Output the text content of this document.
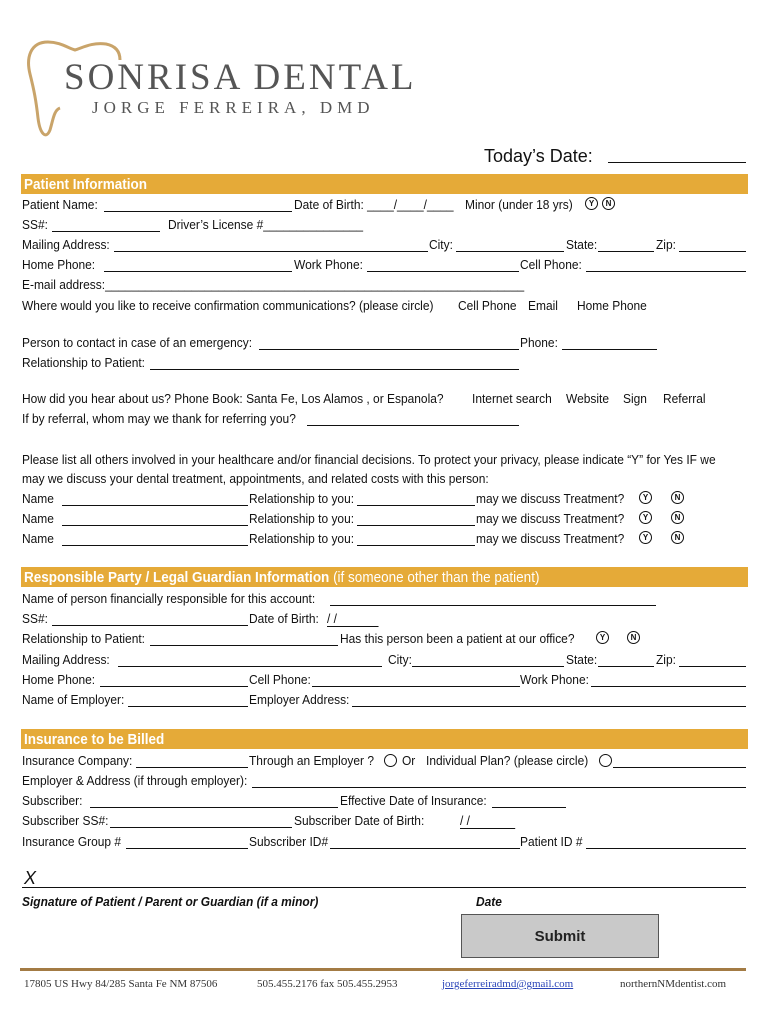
SONRISA DENTAL
JORGE FERREIRA, DMD
Today’s Date:
Patient Information
Patient Name:	Date of Birth: ____/____/____ Minor (under 18 yrs)	Y	N
SS#:	Driver’s License #_______________
Mailing Address:	City:	State:	Zip:
Home Phone:	Work Phone:	Cell Phone:
E-mail address:_______________________________________________________________
Where would you like to receive confirmation communications? (please circle) Cell Phone Email Home Phone
Person to contact in case of an emergency:	Phone:
Relationship to Patient:
How did you hear about us? Phone Book: Santa Fe, Los Alamos , or Espanola? Internet search Website Sign Referral
If by referral, whom may we thank for referring you?
Please list all others involved in your healthcare and/or financial decisions. To protect your privacy, please indicate “Y” for Yes IF we
may we discuss your dental treatment, appointments, and related costs with this person:
Name	Relationship to you:	may we discuss Treatment?	Y	N
Name	Relationship to you:	may we discuss Treatment?	Y	N
Name	Relationship to you:	may we discuss Treatment?	Y	N
Responsible Party / Legal Guardian Information (if someone other than the patient)
Name of person financially responsible for this account:
SS#:	Date of Birth: / /
Relationship to Patient:	Has this person been a patient at our office?	Y	N
Mailing Address:	City:	State:	Zip:
Home Phone:	Cell Phone:	Work Phone:
Name of Employer:	Employer Address:
Insurance to be Billed
Insurance Company:	Through an Employer ? Or Individual Plan? (please circle)
Employer & Address (if through employer):
Subscriber:	Effective Date of Insurance:
Subscriber SS#:	Subscriber Date of Birth:	/ /
Insurance Group #	Subscriber ID#	Patient ID #
X
Signature of Patient / Parent or Guardian (if a minor)	Date
Submit
17805 US Hwy 84/285 Santa Fe NM 87506	505.455.2176 fax 505.455.2953	jorgeferreiradmd@gmail.com	northernNMdentist.com
